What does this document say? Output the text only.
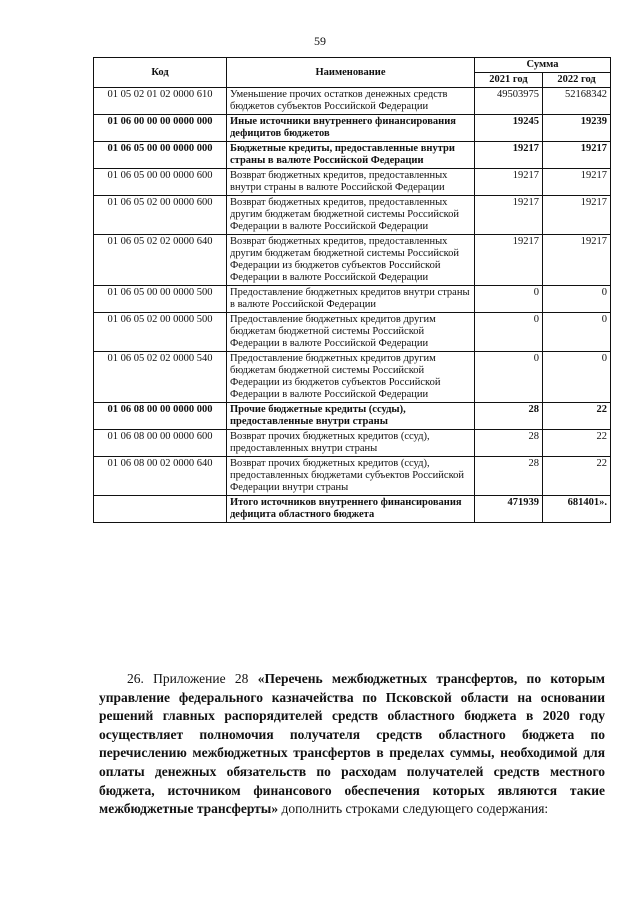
59
Код	Наименование	Сумма	
		2021 год	2022 год
01 05 02 01 02 0000 610	Уменьшение прочих остатков денежных средств бюджетов субъектов Российской Федерации	49503975	52168342
01 06 00 00 00 0000 000	Иные источники внутреннего финансирования дефицитов бюджетов	19245	19239
01 06 05 00 00 0000 000	Бюджетные кредиты, предоставленные внутри страны в валюте Российской Федерации	19217	19217
01 06 05 00 00 0000 600	Возврат бюджетных кредитов, предоставленных внутри страны в валюте Российской Федерации	19217	19217
01 06 05 02 00 0000 600	Возврат бюджетных кредитов, предоставленных другим бюджетам бюджетной системы Российской Федерации в валюте Российской Федерации	19217	19217
01 06 05 02 02 0000 640	Возврат бюджетных кредитов, предоставленных другим бюджетам бюджетной системы Российской Федерации из бюджетов субъектов Российской Федерации в валюте Российской Федерации	19217	19217
01 06 05 00 00 0000 500	Предоставление бюджетных кредитов внутри страны в валюте Российской Федерации	0	0
01 06 05 02 00 0000 500	Предоставление бюджетных кредитов другим бюджетам бюджетной системы Российской Федерации в валюте Российской Федерации	0	0
01 06 05 02 02 0000 540	Предоставление бюджетных кредитов другим бюджетам бюджетной системы Российской Федерации из бюджетов субъектов Российской Федерации в валюте Российской Федерации	0	0
01 06 08 00 00 0000 000	Прочие бюджетные кредиты (ссуды), предоставленные внутри страны	28	22
01 06 08 00 00 0000 600	Возврат прочих бюджетных кредитов (ссуд), предоставленных внутри страны	28	22
01 06 08 00 02 0000 640	Возврат прочих бюджетных кредитов (ссуд), предоставленных бюджетами субъектов Российской Федерации внутри страны	28	22
	Итого источников внутреннего финансирования дефицита областного бюджета	471939	681401».
26. Приложение 28 «Перечень межбюджетных трансфертов, по которым управление федерального казначейства по Псковской области на основании решений главных распорядителей средств областного бюджета в 2020 году осуществляет полномочия получателя средств областного бюджета по перечислению межбюджетных трансфертов в пределах суммы, необходимой для оплаты денежных обязательств по расходам получателей средств местного бюджета, источником финансового обеспечения которых являются такие межбюджетные трансферты» дополнить строками следующего содержания:
